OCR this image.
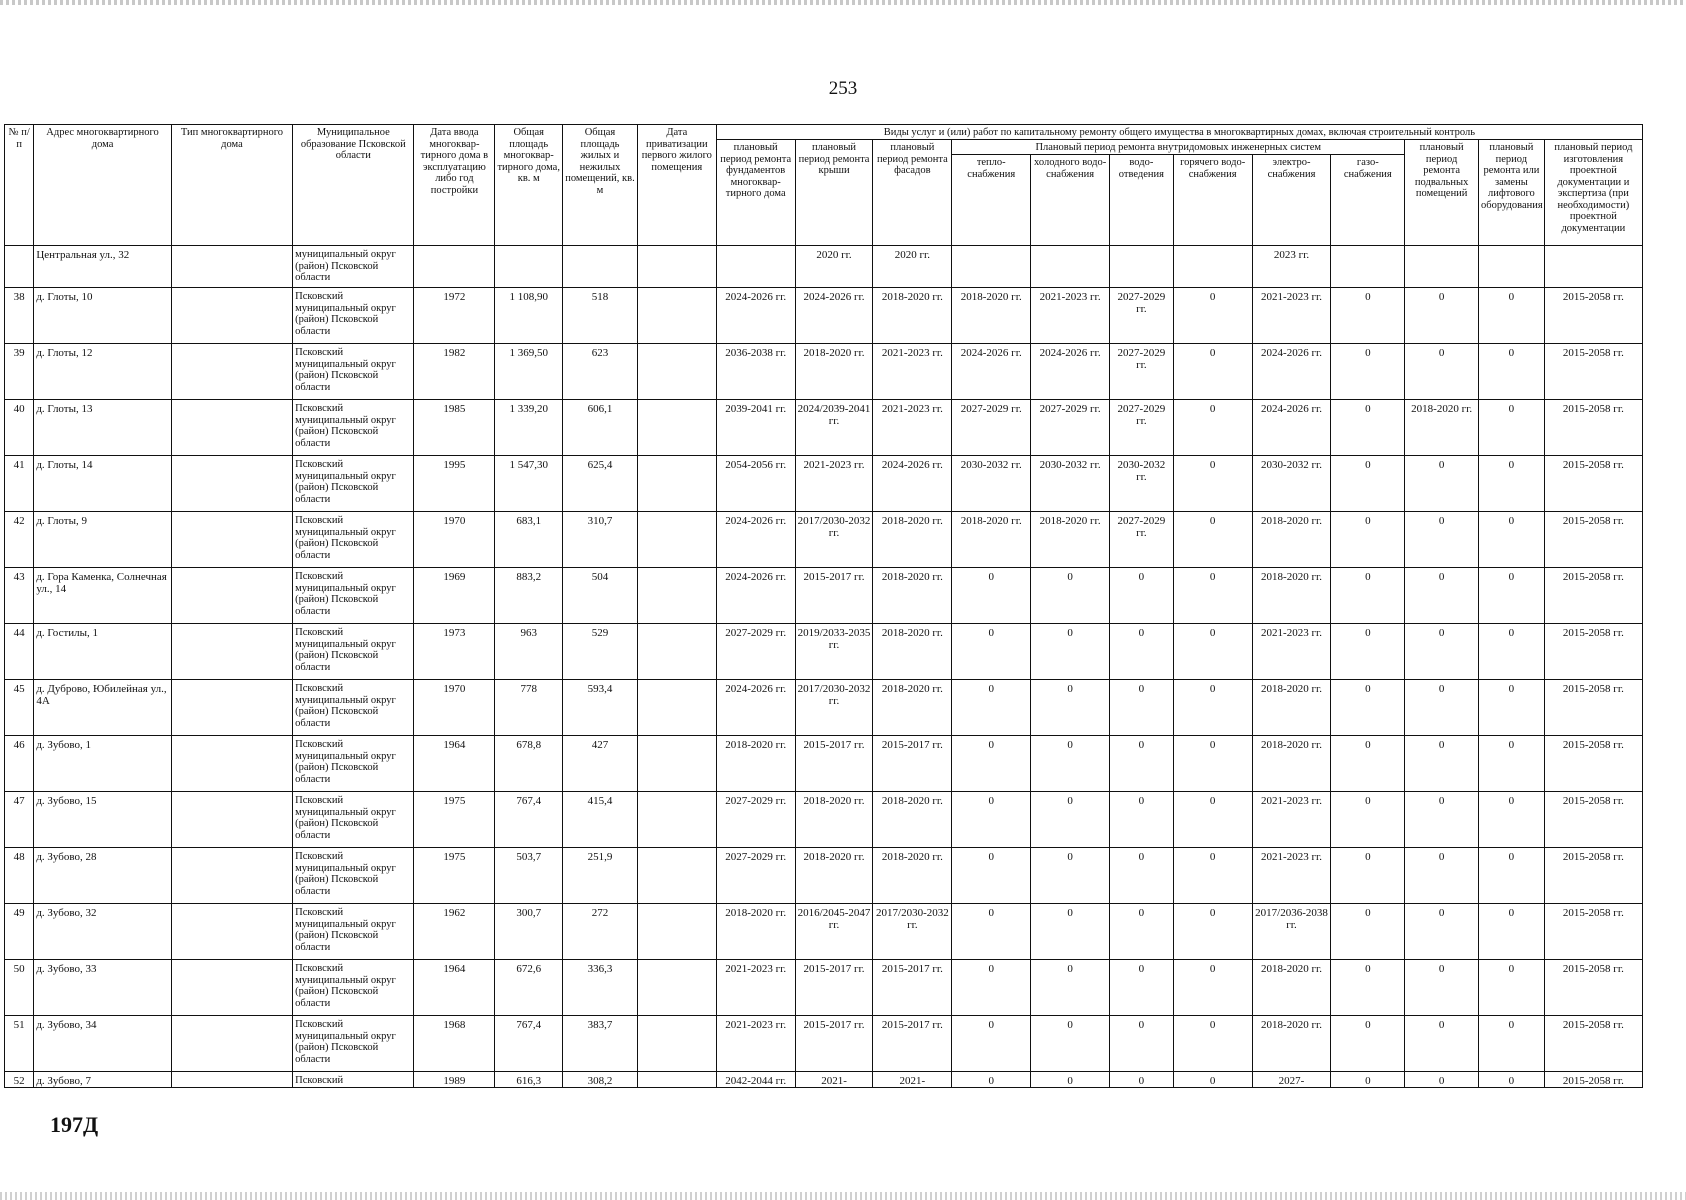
253
№ п/п	Адрес многоквартирного дома	Тип многоквартирного дома	Муниципальное образование Псковской области	Дата ввода многоквар-тирного дома в эксплуатацию либо год постройки	Общая площадь многоквар-тирного дома, кв. м	Общая площадь жилых и нежилых помещений, кв. м	Дата приватизации первого жилого помещения	Виды услуг и (или) работ по капитальному ремонту общего имущества в многоквартирных домах, включая строительный контроль											
								плановый период ремонта фундаментов многоквар-тирного дома	плановый период ремонта крыши	плановый период ремонта фасадов	Плановый период ремонта внутридомовых инженерных систем						плановый период ремонта подвальных помещений	плановый период ремонта или замены лифтового оборудования	плановый период изготовления проектной документации и экспертиза (при необходимости) проектной документации
											тепло-снабжения	холодного водо-снабжения	водо-отведения	горячего водо-снабжения	электро-снабжения	газо-снабжения			
	Центральная ул., 32		муниципальный округ (район) Псковской области						2020 гг.	2020 гг.					2023 гг.				
38	д. Глоты, 10		Псковский муниципальный округ (район) Псковской области	1972	1 108,90	518		2024-2026 гг.	2024-2026 гг.	2018-2020 гг.	2018-2020 гг.	2021-2023 гг.	2027-2029 гг.	0	2021-2023 гг.	0	0	0	2015-2058 гг.
39	д. Глоты, 12		Псковский муниципальный округ (район) Псковской области	1982	1 369,50	623		2036-2038 гг.	2018-2020 гг.	2021-2023 гг.	2024-2026 гг.	2024-2026 гг.	2027-2029 гг.	0	2024-2026 гг.	0	0	0	2015-2058 гг.
40	д. Глоты, 13		Псковский муниципальный округ (район) Псковской области	1985	1 339,20	606,1		2039-2041 гг.	2024/2039-2041 гг.	2021-2023 гг.	2027-2029 гг.	2027-2029 гг.	2027-2029 гг.	0	2024-2026 гг.	0	2018-2020 гг.	0	2015-2058 гг.
41	д. Глоты, 14		Псковский муниципальный округ (район) Псковской области	1995	1 547,30	625,4		2054-2056 гг.	2021-2023 гг.	2024-2026 гг.	2030-2032 гг.	2030-2032 гг.	2030-2032 гг.	0	2030-2032 гг.	0	0	0	2015-2058 гг.
42	д. Глоты, 9		Псковский муниципальный округ (район) Псковской области	1970	683,1	310,7		2024-2026 гг.	2017/2030-2032 гг.	2018-2020 гг.	2018-2020 гг.	2018-2020 гг.	2027-2029 гг.	0	2018-2020 гг.	0	0	0	2015-2058 гг.
43	д. Гора Каменка, Солнечная ул., 14		Псковский муниципальный округ (район) Псковской области	1969	883,2	504		2024-2026 гг.	2015-2017 гг.	2018-2020 гг.	0	0	0	0	2018-2020 гг.	0	0	0	2015-2058 гг.
44	д. Гостилы, 1		Псковский муниципальный округ (район) Псковской области	1973	963	529		2027-2029 гг.	2019/2033-2035 гг.	2018-2020 гг.	0	0	0	0	2021-2023 гг.	0	0	0	2015-2058 гг.
45	д. Дуброво, Юбилейная ул., 4А		Псковский муниципальный округ (район) Псковской области	1970	778	593,4		2024-2026 гг.	2017/2030-2032 гг.	2018-2020 гг.	0	0	0	0	2018-2020 гг.	0	0	0	2015-2058 гг.
46	д. Зубово, 1		Псковский муниципальный округ (район) Псковской области	1964	678,8	427		2018-2020 гг.	2015-2017 гг.	2015-2017 гг.	0	0	0	0	2018-2020 гг.	0	0	0	2015-2058 гг.
47	д. Зубово, 15		Псковский муниципальный округ (район) Псковской области	1975	767,4	415,4		2027-2029 гг.	2018-2020 гг.	2018-2020 гг.	0	0	0	0	2021-2023 гг.	0	0	0	2015-2058 гг.
48	д. Зубово, 28		Псковский муниципальный округ (район) Псковской области	1975	503,7	251,9		2027-2029 гг.	2018-2020 гг.	2018-2020 гг.	0	0	0	0	2021-2023 гг.	0	0	0	2015-2058 гг.
49	д. Зубово, 32		Псковский муниципальный округ (район) Псковской области	1962	300,7	272		2018-2020 гг.	2016/2045-2047 гг.	2017/2030-2032 гг.	0	0	0	0	2017/2036-2038 гг.	0	0	0	2015-2058 гг.
50	д. Зубово, 33		Псковский муниципальный округ (район) Псковской области	1964	672,6	336,3		2021-2023 гг.	2015-2017 гг.	2015-2017 гг.	0	0	0	0	2018-2020 гг.	0	0	0	2015-2058 гг.
51	д. Зубово, 34		Псковский муниципальный округ (район) Псковской области	1968	767,4	383,7		2021-2023 гг.	2015-2017 гг.	2015-2017 гг.	0	0	0	0	2018-2020 гг.	0	0	0	2015-2058 гг.
52	д. Зубово, 7		Псковский	1989	616,3	308,2		2042-2044 гг.	2021-	2021-	0	0	0	0	2027-	0	0	0	2015-2058 гг.
197Д
